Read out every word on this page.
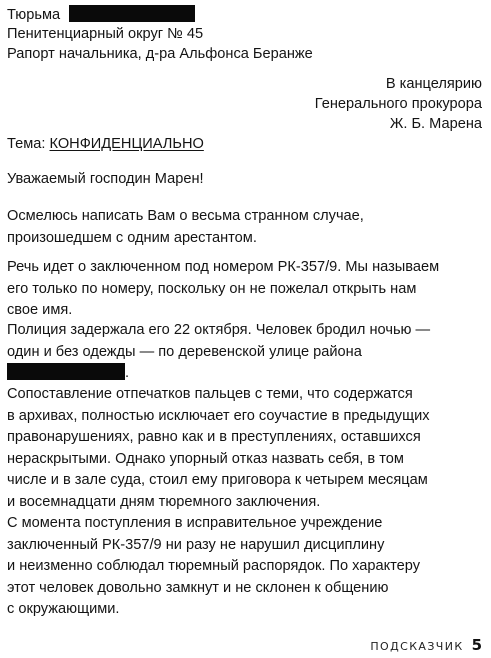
Тюрьма
Пенитенциарный округ № 45
Рапорт начальника, д-ра Альфонса Беранже
В канцелярию
Генерального прокурора
Ж. Б. Марена
Тема: КОНФИДЕНЦИАЛЬНО
Уважаемый господин Марен!
Осмелюсь написать Вам о весьма странном случае,
произошедшем с одним арестантом.
Речь идет о заключенном под номером РК-357/9. Мы называем
его только по номеру, поскольку он не пожелал открыть нам
свое имя.
Полиция задержала его 22 октября. Человек бродил ночью —
один и без одежды — по деревенской улице района
.
Сопоставление отпечатков пальцев с теми, что содержатся
в архивах, полностью исключает его соучастие в предыдущих
правонарушениях, равно как и в преступлениях, оставшихся
нераскрытыми. Однако упорный отказ назвать себя, в том
числе и в зале суда, стоил ему приговора к четырем месяцам
и восемнадцати дням тюремного заключения.
С момента поступления в исправительное учреждение
заключенный РК-357/9 ни разу не нарушил дисциплину
и неизменно соблюдал тюремный распорядок. По характеру
этот человек довольно замкнут и не склонен к общению
с окружающими.
ПОДСКАЗЧИК 5
